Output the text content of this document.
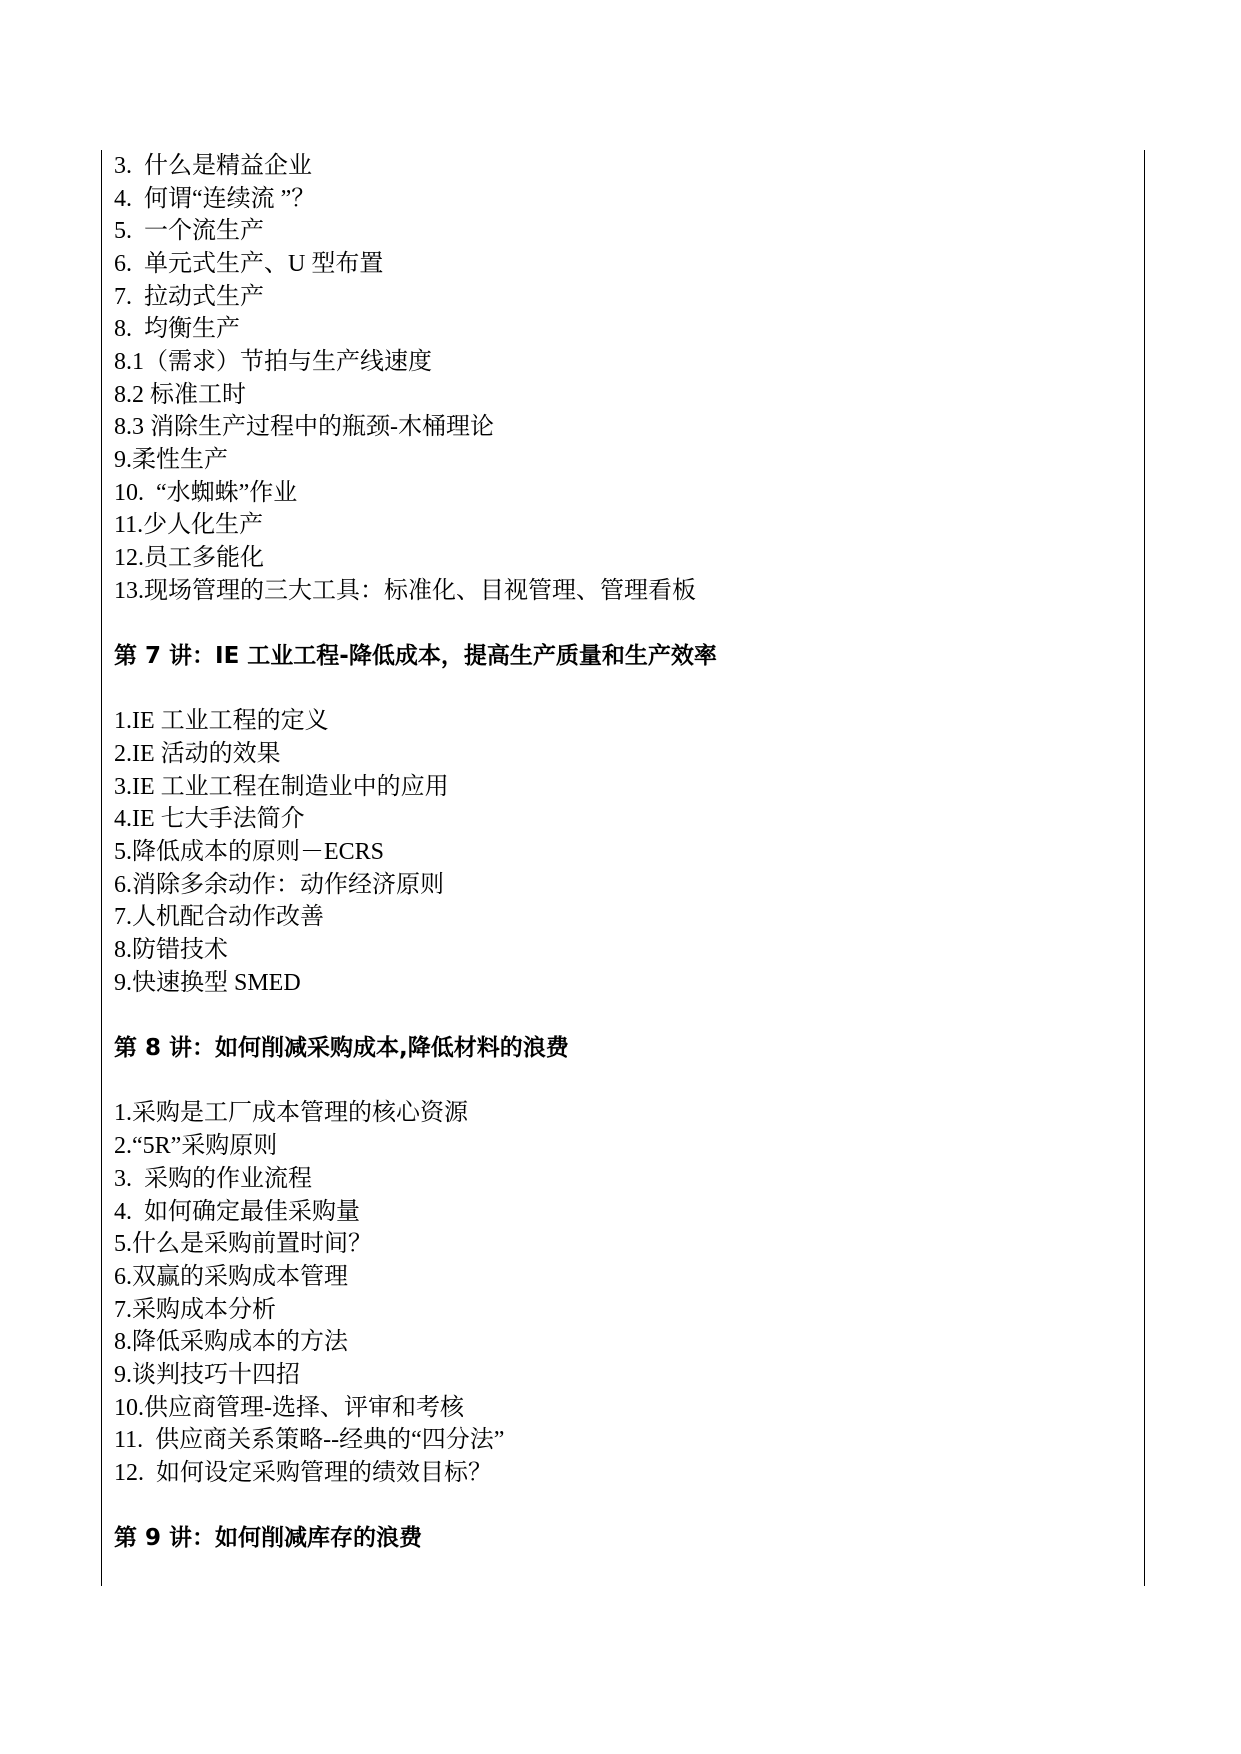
3.  什么是精益企业
4.  何谓“连续流 ”？
5.  一个流生产
6.  单元式生产、U 型布置
7.  拉动式生产
8.  均衡生产
8.1（需求）节拍与生产线速度
8.2 标准工时
8.3 消除生产过程中的瓶颈-木桶理论
9.柔性生产
10.  “水蜘蛛”作业
11.少人化生产
12.员工多能化
13.现场管理的三大工具：标准化、目视管理、管理看板
第 7 讲：IE 工业工程-降低成本，提高生产质量和生产效率
1.IE 工业工程的定义
2.IE 活动的效果
3.IE 工业工程在制造业中的应用
4.IE 七大手法简介
5.降低成本的原则－ECRS
6.消除多余动作：动作经济原则
7.人机配合动作改善
8.防错技术
9.快速换型 SMED
第 8 讲：如何削减采购成本,降低材料的浪费
1.采购是工厂成本管理的核心资源
2.“5R”采购原则
3.  采购的作业流程
4.  如何确定最佳采购量
5.什么是采购前置时间？
6.双赢的采购成本管理
7.采购成本分析
8.降低采购成本的方法
9.谈判技巧十四招
10.供应商管理-选择、评审和考核
11.  供应商关系策略--经典的“四分法”
12.  如何设定采购管理的绩效目标？
第 9 讲：如何削减库存的浪费
